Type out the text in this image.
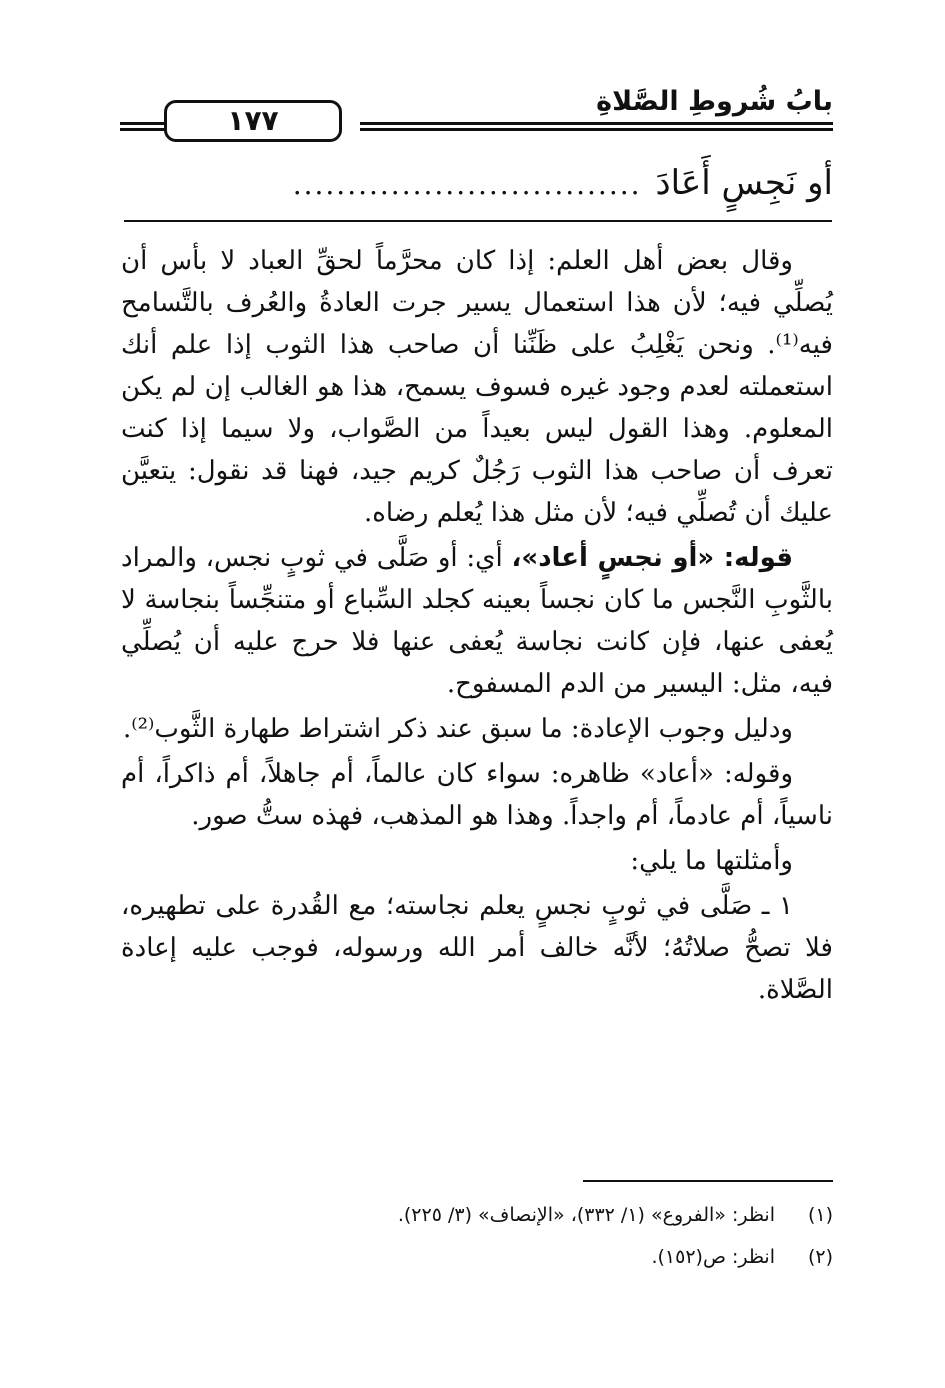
بابُ شُروطِ الصَّلاةِ
١٧٧
أو نَجِسٍ أَعَادَ................................

وقال بعض أهل العلم: إذا كان محرَّماً لحقِّ العباد لا بأس أن يُصلِّي فيه؛ لأن هذا استعمال يسير جرت العادةُ والعُرف بالتَّسامح فيه⁽¹⁾. ونحن يَغْلِبُ على ظَنِّنا أن صاحب هذا الثوب إذا علم أنك استعملته لعدم وجود غيره فسوف يسمح، هذا هو الغالب إن لم يكن المعلوم. وهذا القول ليس بعيداً من الصَّواب، ولا سيما إذا كنت تعرف أن صاحب هذا الثوب رَجُلٌ كريم جيد، فهنا قد نقول: يتعيَّن عليك أن تُصلِّي فيه؛ لأن مثل هذا يُعلم رضاه.

قوله: «أو نجسٍ أعاد»، أي: أو صَلَّى في ثوبٍ نجس، والمراد بالثَّوبِ النَّجس ما كان نجساً بعينه كجلد السِّباع أو متنجِّساً بنجاسة لا يُعفى عنها، فإن كانت نجاسة يُعفى عنها فلا حرج عليه أن يُصلِّي فيه، مثل: اليسير من الدم المسفوح.

ودليل وجوب الإعادة: ما سبق عند ذكر اشتراط طهارة الثَّوب⁽²⁾.

وقوله: «أعاد» ظاهره: سواء كان عالماً، أم جاهلاً، أم ذاكراً، أم ناسياً، أم عادماً، أم واجداً. وهذا هو المذهب، فهذه ستُّ صور.

وأمثلتها ما يلي:

١ ـ صَلَّى في ثوبٍ نجسٍ يعلم نجاسته؛ مع القُدرة على تطهيره، فلا تصحُّ صلاتُهُ؛ لأنَّه خالف أمر الله ورسوله، فوجب عليه إعادة الصَّلاة.

(١)انظر: «الفروع» (١/ ٣٣٢)، «الإنصاف» (٣/ ٢٢٥).
(٢)انظر: ص(١٥٢).
